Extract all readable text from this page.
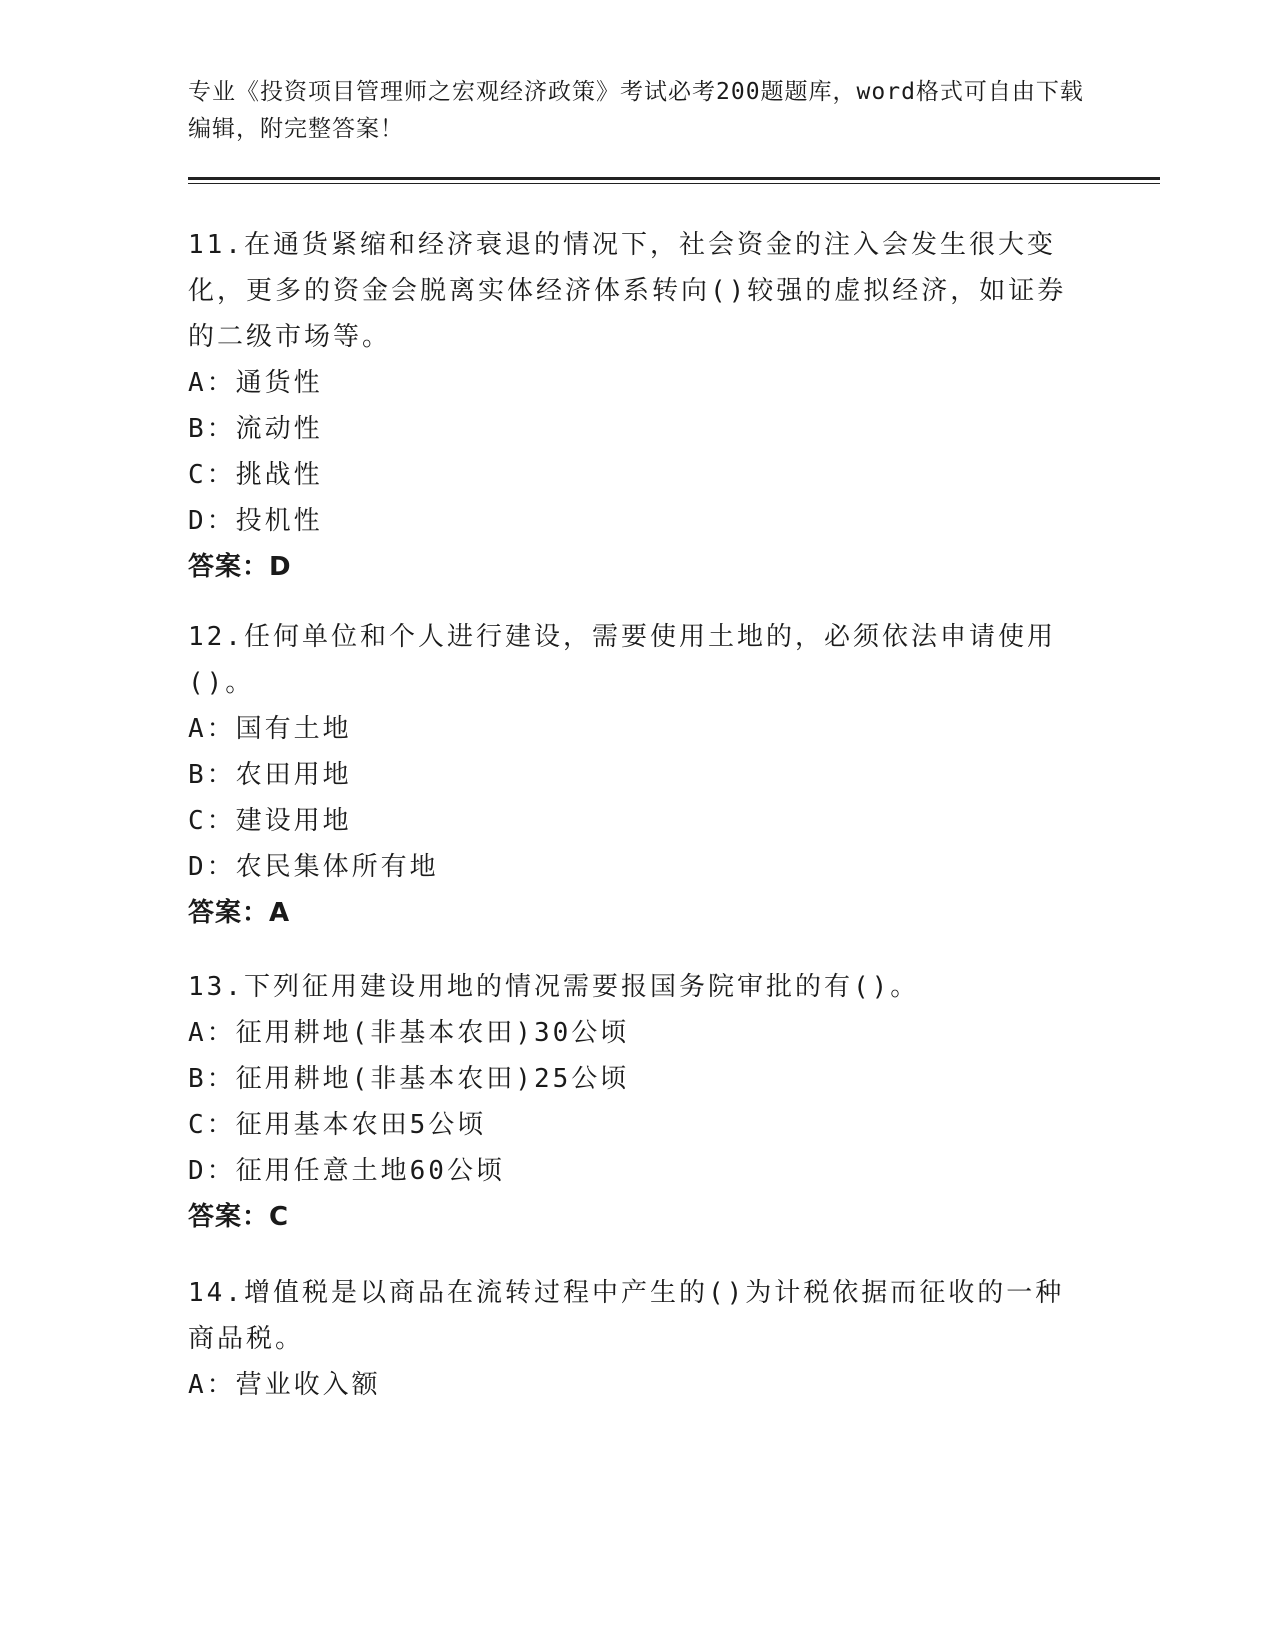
专业《投资项目管理师之宏观经济政策》考试必考200题题库，word格式可自由下载编辑，附完整答案！
11.在通货紧缩和经济衰退的情况下，社会资金的注入会发生很大变化，更多的资金会脱离实体经济体系转向()较强的虚拟经济，如证券的二级市场等。
A：通货性
B：流动性
C：挑战性
D：投机性
答案：D
12.任何单位和个人进行建设，需要使用土地的，必须依法申请使用()。
A：国有土地
B：农田用地
C：建设用地
D：农民集体所有地
答案：A
13.下列征用建设用地的情况需要报国务院审批的有()。
A：征用耕地(非基本农田)30公顷
B：征用耕地(非基本农田)25公顷
C：征用基本农田5公顷
D：征用任意土地60公顷
答案：C
14.增值税是以商品在流转过程中产生的()为计税依据而征收的一种商品税。
A：营业收入额
